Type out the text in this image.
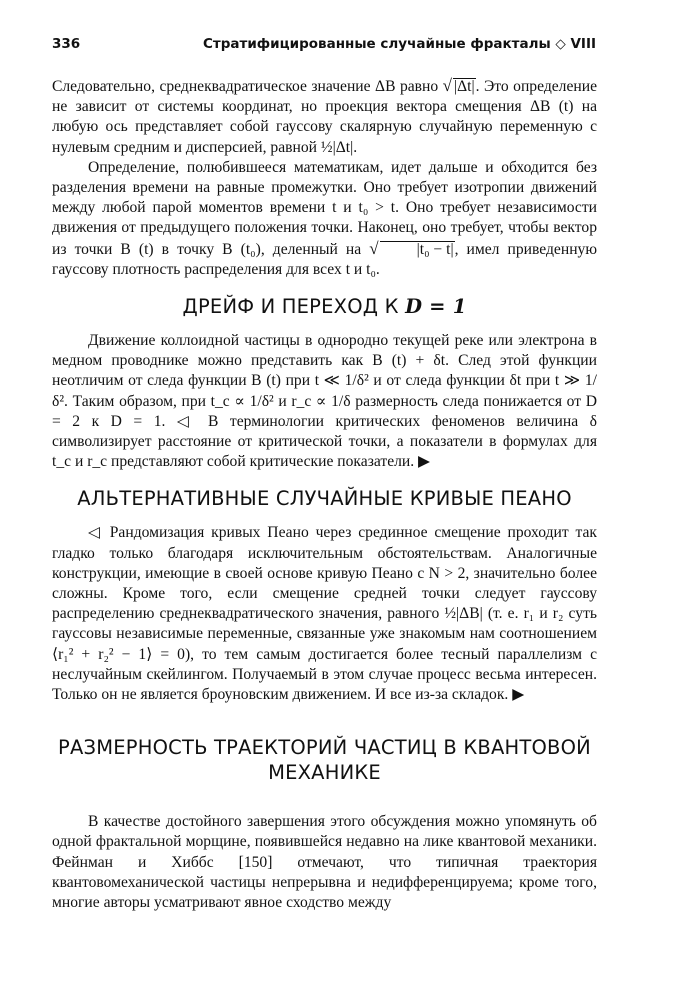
336	Стратифицированные случайные фракталы ◇ VIII

Следовательно, среднеквадратическое значение ΔB равно √ |Δt|. Это определение не зависит от системы координат, но проекция вектора смещения ΔB (t) на любую ось представляет собой гауссову скалярную случайную переменную с нулевым средним и дисперсией, равной ½|Δt|.

Определение, полюбившееся математикам, идет дальше и обходится без разделения времени на равные промежутки. Оно требует изотропии движений между любой парой моментов времени t и t₀ > t. Оно требует независимости движения от предыдущего положения точки. Наконец, оно требует, чтобы вектор из точки B (t) в точку B (t₀), деленный на √ |t₀ − t|, имел приведенную гауссову плотность распределения для всех t и t₀.

ДРЕЙФ И ПЕРЕХОД К D = 1

Движение коллоидной частицы в однородно текущей реке или электрона в медном проводнике можно представить как B (t) + δt. След этой функции неотличим от следа функции B (t) при t ≪ 1/δ² и от следа функции δt при t ≫ 1/δ². Таким образом, при t_c ∝ 1/δ² и r_c ∝ 1/δ размерность следа понижается от D = 2 к D = 1. ◁ В терминологии критических феноменов величина δ символизирует расстояние от критической точки, а показатели в формулах для t_c и r_c представляют собой критические показатели. ▶

АЛЬТЕРНАТИВНЫЕ СЛУЧАЙНЫЕ КРИВЫЕ ПЕАНО

◁ Рандомизация кривых Пеано через срединное смещение проходит так гладко только благодаря исключительным обстоятельствам. Аналогичные конструкции, имеющие в своей основе кривую Пеано с N > 2, значительно более сложны. Кроме того, если смещение средней точки следует гауссову распределению среднеквадратического значения, равного ½|ΔB| (т. е. r₁ и r₂ суть гауссовы независимые переменные, связанные уже знакомым нам соотношением ⟨r₁² + r₂² − 1⟩ = 0), то тем самым достигается более тесный параллелизм с неслучайным скейлингом. Получаемый в этом случае процесс весьма интересен. Только он не является броуновским движением. И все из-за складок. ▶

РАЗМЕРНОСТЬ ТРАЕКТОРИЙ ЧАСТИЦ В КВАНТОВОЙ
МЕХАНИКЕ

В качестве достойного завершения этого обсуждения можно упомянуть об одной фрактальной морщине, появившейся недавно на лике квантовой механики. Фейнман и Хиббс [150] отмечают, что типичная траектория квантовомеханической частицы непрерывна и недифференцируема; кроме того, многие авторы усматривают явное сходство между
